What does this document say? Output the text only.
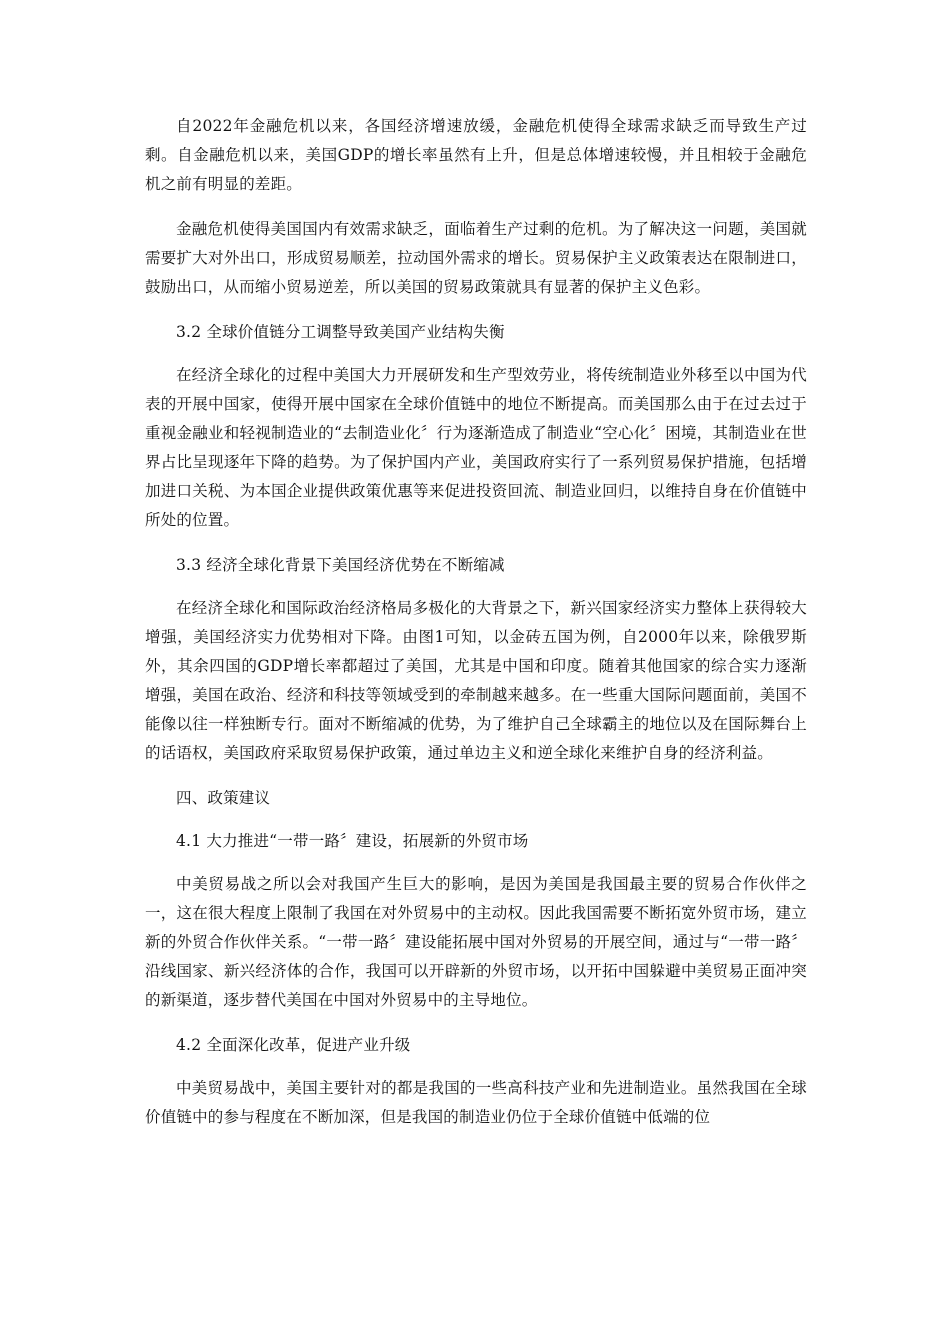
自2022年金融危机以来，各国经济增速放缓，金融危机使得全球需求缺乏而导致生产过剩。自金融危机以来，美国GDP的增长率虽然有上升，但是总体增速较慢，并且相较于金融危机之前有明显的差距。

金融危机使得美国国内有效需求缺乏，面临着生产过剩的危机。为了解决这一问题，美国就需要扩大对外出口，形成贸易顺差，拉动国外需求的增长。贸易保护主义政策表达在限制进口，鼓励出口，从而缩小贸易逆差，所以美国的贸易政策就具有显著的保护主义色彩。

3.2 全球价值链分工调整导致美国产业结构失衡

在经济全球化的过程中美国大力开展研发和生产型效劳业，将传统制造业外移至以中国为代表的开展中国家，使得开展中国家在全球价值链中的地位不断提高。而美国那么由于在过去过于重视金融业和轻视制造业的“去制造业化〞行为逐渐造成了制造业“空心化〞困境，其制造业在世界占比呈现逐年下降的趋势。为了保护国内产业，美国政府实行了一系列贸易保护措施，包括增加进口关税、为本国企业提供政策优惠等来促进投资回流、制造业回归，以维持自身在价值链中所处的位置。

3.3 经济全球化背景下美国经济优势在不断缩减

在经济全球化和国际政治经济格局多极化的大背景之下，新兴国家经济实力整体上获得较大增强，美国经济实力优势相对下降。由图1可知，以金砖五国为例，自2000年以来，除俄罗斯外，其余四国的GDP增长率都超过了美国，尤其是中国和印度。随着其他国家的综合实力逐渐增强，美国在政治、经济和科技等领域受到的牵制越来越多。在一些重大国际问题面前，美国不能像以往一样独断专行。面对不断缩减的优势，为了维护自己全球霸主的地位以及在国际舞台上的话语权，美国政府采取贸易保护政策，通过单边主义和逆全球化来维护自身的经济利益。

四、政策建议

4.1 大力推进“一带一路〞建设，拓展新的外贸市场

中美贸易战之所以会对我国产生巨大的影响，是因为美国是我国最主要的贸易合作伙伴之一，这在很大程度上限制了我国在对外贸易中的主动权。因此我国需要不断拓宽外贸市场，建立新的外贸合作伙伴关系。“一带一路〞建设能拓展中国对外贸易的开展空间，通过与“一带一路〞沿线国家、新兴经济体的合作，我国可以开辟新的外贸市场，以开拓中国躲避中美贸易正面冲突的新渠道，逐步替代美国在中国对外贸易中的主导地位。

4.2 全面深化改革，促进产业升级

中美贸易战中，美国主要针对的都是我国的一些高科技产业和先进制造业。虽然我国在全球价值链中的参与程度在不断加深，但是我国的制造业仍位于全球价值链中低端的位
